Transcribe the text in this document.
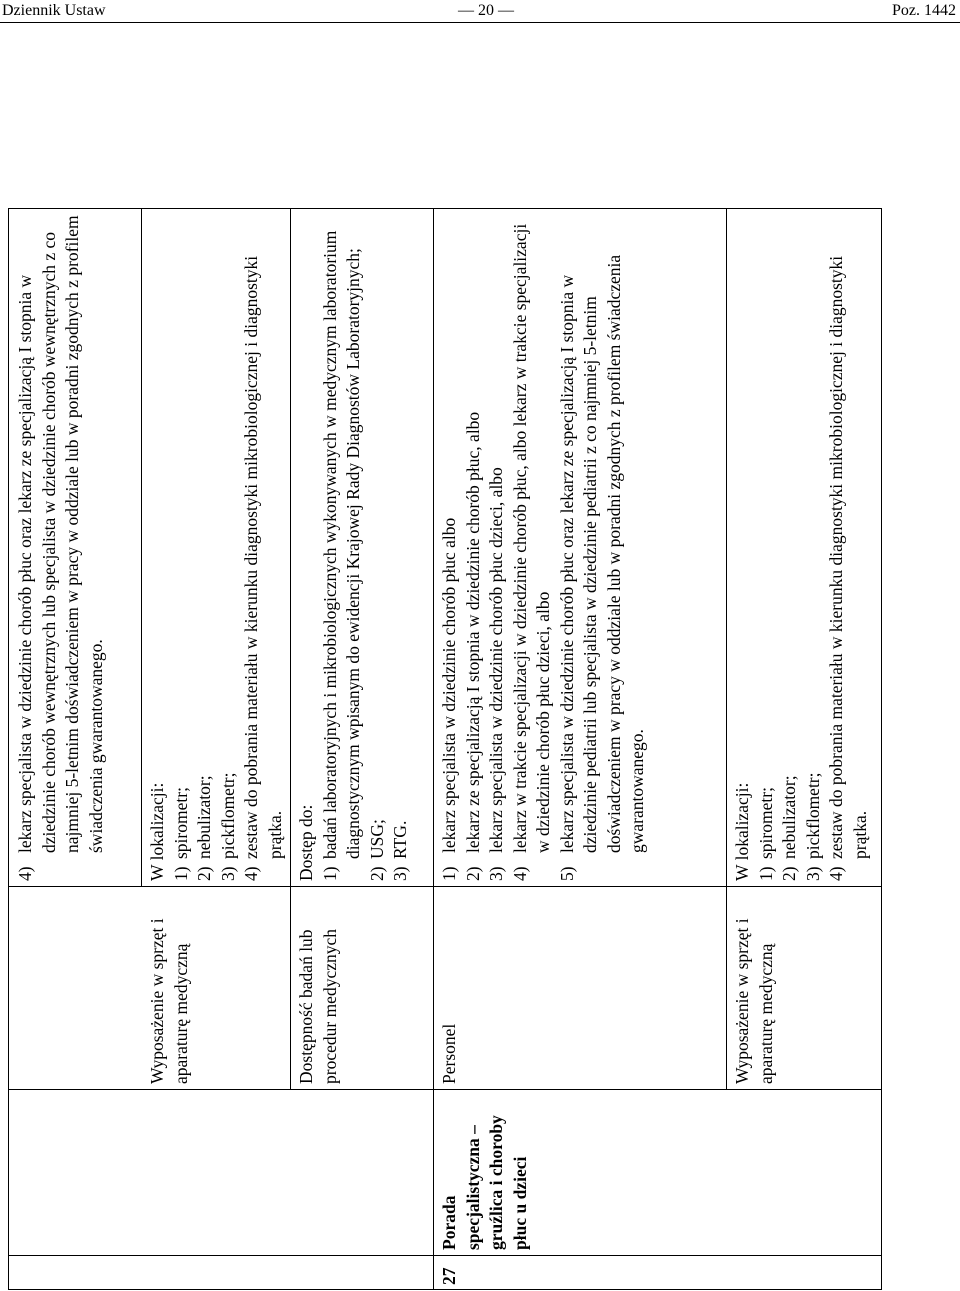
Dziennik Ustaw	— 20 —	Poz. 1442
4)
lekarz specjalista w dziedzinie chorób płuc oraz lekarz ze specjalizacją I stopnia w dziedzinie chorób wewnętrznych lub specjalista w dziedzinie chorób wewnętrznych z co najmniej 5-letnim doświadczeniem w pracy w oddziale lub w poradni zgodnych z profilem świadczenia gwarantowanego.

Wyposażenie w sprzęt i aparaturę medyczną

W lokalizacji: 1)
spirometr;
2)
nebulizator;
3)
pickflometr;
4)
zestaw do pobrania materiału w kierunku diagnostyki mikrobiologicznej i diagnostyki prątka.

Dostępność badań lub procedur medycznych

Dostęp do: 1)
badań laboratoryjnych i mikrobiologicznych wykonywanych w medycznym laboratorium diagnostycznym wpisanym do ewidencji Krajowej Rady Diagnostów Laboratoryjnych;
2)
USG;
3)
RTG.
27
Porada specjalistyczna – gruźlica i choroby płuc u dzieci

Personel

1)
lekarz specjalista w dziedzinie chorób płuc albo
2)
lekarz ze specjalizacją I stopnia w dziedzinie chorób płuc, albo
3)
lekarz specjalista w dziedzinie chorób płuc dzieci, albo
4)
lekarz w trakcie specjalizacji w dziedzinie chorób płuc, albo lekarz w trakcie specjalizacji w dziedzinie chorób płuc dzieci, albo
5)
lekarz specjalista w dziedzinie chorób płuc oraz lekarz ze specjalizacją I stopnia w dziedzinie pediatrii lub specjalista w dziedzinie pediatrii z co najmniej 5-letnim doświadczeniem w pracy w oddziale lub w poradni zgodnych z profilem świadczenia gwarantowanego.

Wyposażenie w sprzęt i aparaturę medyczną

W lokalizacji: 1)
spirometr;
2)
nebulizator;
3)
pickflometr;
4)
zestaw do pobrania materiału w kierunku diagnostyki mikrobiologicznej i diagnostyki prątka.
